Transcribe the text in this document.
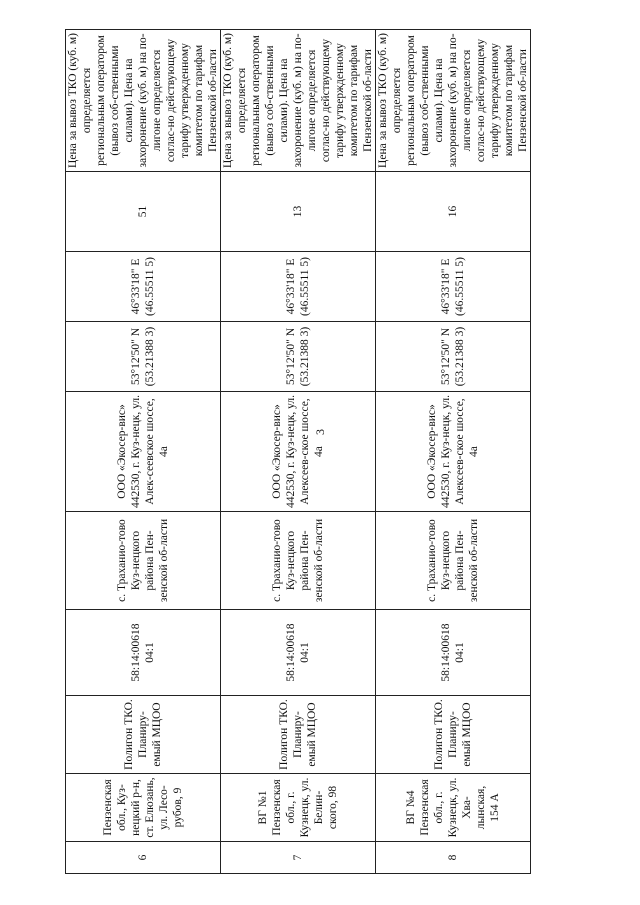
3
6	Пензенская обл., Куз-нецкий р-н, ст. Елюзань, ул. Лесо-рубов, 9	Полигон ТКО. Планиру-емый МЦОО	58:14:00618 04:1	с. Траханио-тово Куз-нецкого района Пен-зенской об-ласти	ООО «Экосер-вис» 442530, г. Куз-нецк, ул. Алек-сеевское шоссе, 4а	53°12'50" N (53.21388 3)	46°33'18" E (46.55511 5)	51	Цена за вывоз ТКО (куб. м) определяется региональным оператором (вывоз соб-ственными силами). Цена на захоронение (куб. м) на по-лигоне определяется соглас-но действующему тарифу утвержденному комитетом по тарифам Пензенской об-ласти
7	ВГ №1 Пензенская обл., г. Кузнецк, ул. Белин-ского, 98	Полигон ТКО. Планиру-емый МЦОО	58:14:00618 04:1	с. Траханио-тово Куз-нецкого района Пен-зенской об-ласти	ООО «Экосер-вис» 442530, г. Куз-нецк, ул. Алексеев-ское шоссе, 4а	53°12'50" N (53.21388 3)	46°33'18" E (46.55511 5)	13	Цена за вывоз ТКО (куб. м) определяется региональным оператором (вывоз соб-ственными силами). Цена на захоронение (куб. м) на по-лигоне определяется соглас-но действующему тарифу утвержденному комитетом по тарифам Пензенской об-ласти
8	ВГ №4 Пензенская обл., г. Кузнецк, ул. Хва-лынская, 154 А	Полигон ТКО. Планиру-емый МЦОО	58:14:00618 04:1	с. Траханио-тово Куз-нецкого района Пен-зенской об-ласти	ООО «Экосер-вис» 442530, г. Куз-нецк, ул. Алексеев-ское шоссе, 4а	53°12'50" N (53.21388 3)	46°33'18" E (46.55511 5)	16	Цена за вывоз ТКО (куб. м) определяется региональным оператором (вывоз соб-ственными силами). Цена на захоронение (куб. м) на по-лигоне определяется соглас-но действующему тарифу утвержденному комитетом по тарифам Пензенской об-ласти
